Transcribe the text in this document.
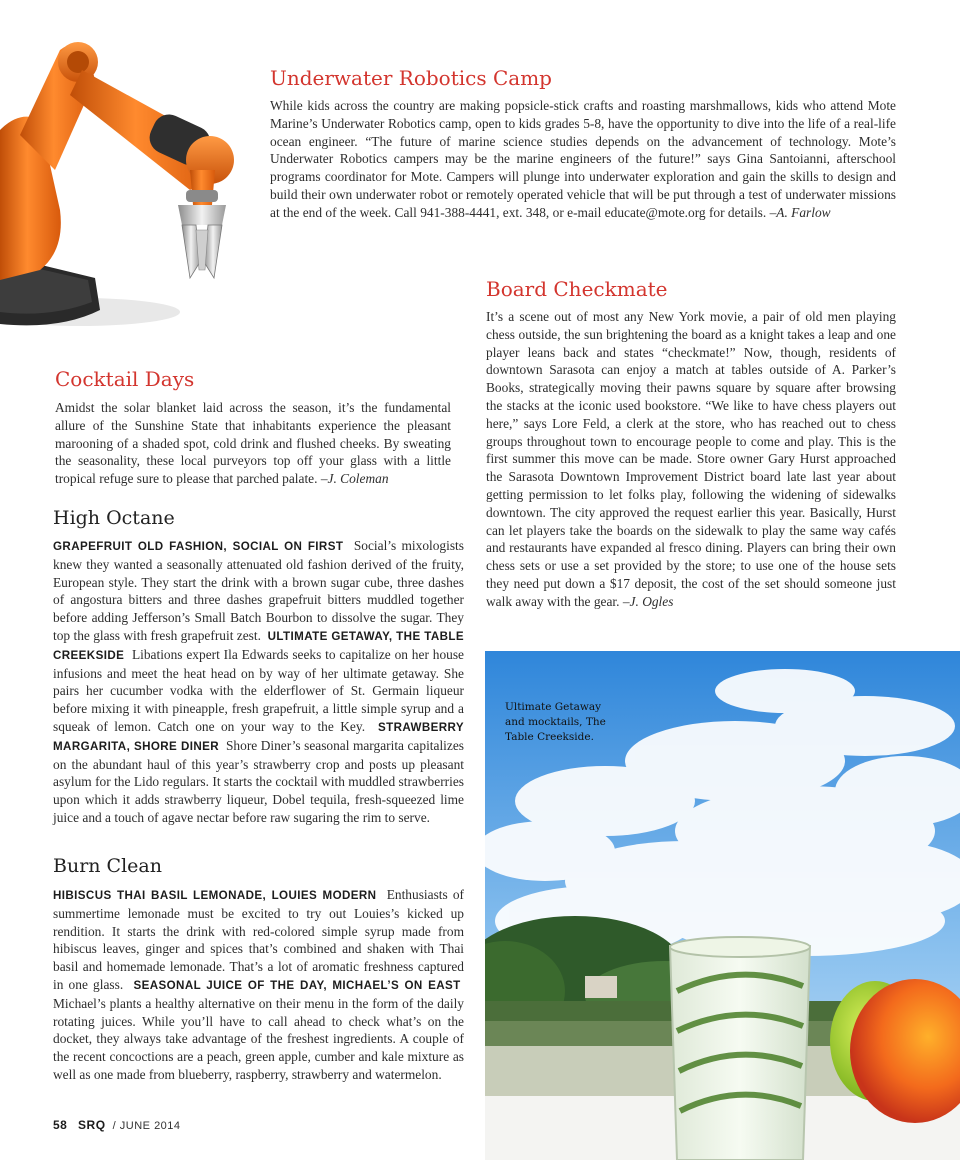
Underwater Robotics Camp

While kids across the country are making popsicle-stick crafts and roasting marshmallows, kids who attend Mote Marine’s Underwater Robotics camp, open to kids grades 5-8, have the opportunity to dive into the life of a real-life ocean engineer. “The future of marine science studies depends on the advancement of technology. Mote’s Underwater Robotics campers may be the marine engineers of the future!” says Gina Santoianni, afterschool programs coordinator for Mote. Campers will plunge into underwater exploration and gain the skills to design and build their own underwater robot or remotely operated vehicle that will be put through a test of underwater missions at the end of the week. Call 941-388-4441, ext. 348, or e-mail educate@mote.org for details. –A. Farlow

Board Checkmate

It’s a scene out of most any New York movie, a pair of old men playing chess outside, the sun brightening the board as a knight takes a leap and one player leans back and states “checkmate!” Now, though, residents of downtown Sarasota can enjoy a match at tables outside of A. Parker’s Books, strategically moving their pawns square by square after browsing the stacks at the iconic used bookstore. “We like to have chess players out here,” says Lore Feld, a clerk at the store, who has reached out to chess groups throughout town to encourage people to come and play. This is the first summer this move can be made. Store owner Gary Hurst approached the Sarasota Downtown Improvement District board late last year about getting permission to let folks play, following the widening of sidewalks downtown. The city approved the request earlier this year. Basically, Hurst can let players take the boards on the sidewalk to play the same way cafés and restaurants have expanded al fresco dining. Players can bring their own chess sets or use a set provided by the store; to use one of the house sets they need put down a $17 deposit, the cost of the set should someone just walk away with the gear. –J. Ogles

Cocktail Days

Amidst the solar blanket laid across the season, it’s the fundamental allure of the Sunshine State that inhabitants experience the pleasant marooning of a shaded spot, cold drink and flushed cheeks. By sweating the seasonality, these local purveyors top off your glass with a little tropical refuge sure to please that parched palate. –J. Coleman

High Octane

GRAPEFRUIT OLD FASHION, SOCIAL ON FIRST Social’s mixologists knew they wanted a seasonally attenuated old fashion derived of the fruity, European style. They start the drink with a brown sugar cube, three dashes of angostura bitters and three dashes grapefruit bitters muddled together before adding Jefferson’s Small Batch Bourbon to dissolve the sugar. They top the glass with fresh grapefruit zest. ULTIMATE GETAWAY, THE TABLE CREEKSIDE Libations expert Ila Edwards seeks to capitalize on her house infusions and meet the heat head on by way of her ultimate getaway. She pairs her cucumber vodka with the elderflower of St. Germain liqueur before mixing it with pineapple, fresh grapefruit, a little simple syrup and a squeak of lemon. Catch one on your way to the Key. STRAWBERRY MARGARITA, SHORE DINER Shore Diner’s seasonal margarita capitalizes on the abundant haul of this year’s strawberry crop and posts up pleasant asylum for the Lido regulars. It starts the cocktail with muddled strawberries upon which it adds strawberry liqueur, Dobel tequila, fresh-squeezed lime juice and a touch of agave nectar before raw sugaring the rim to serve.

Burn Clean

HIBISCUS THAI BASIL LEMONADE, LOUIES MODERN Enthusiasts of summertime lemonade must be excited to try out Louies’s kicked up rendition. It starts the drink with red-colored simple syrup made from hibiscus leaves, ginger and spices that’s combined and shaken with Thai basil and homemade lemonade. That’s a lot of aromatic freshness captured in one glass. SEASONAL JUICE OF THE DAY, MICHAEL’S ON EAST  Michael’s plants a healthy alternative on their menu in the form of the daily rotating juices. While you’ll have to call ahead to check what’s on the docket, they always take advantage of the freshest ingredients. A couple of the recent concoctions are a peach, green apple, cumber and kale mixture as well as one made from blueberry, raspberry, strawberry and watermelon.

Ultimate Getaway and mocktails, The Table Creekside.
58 SRQ / JUNE 2014
